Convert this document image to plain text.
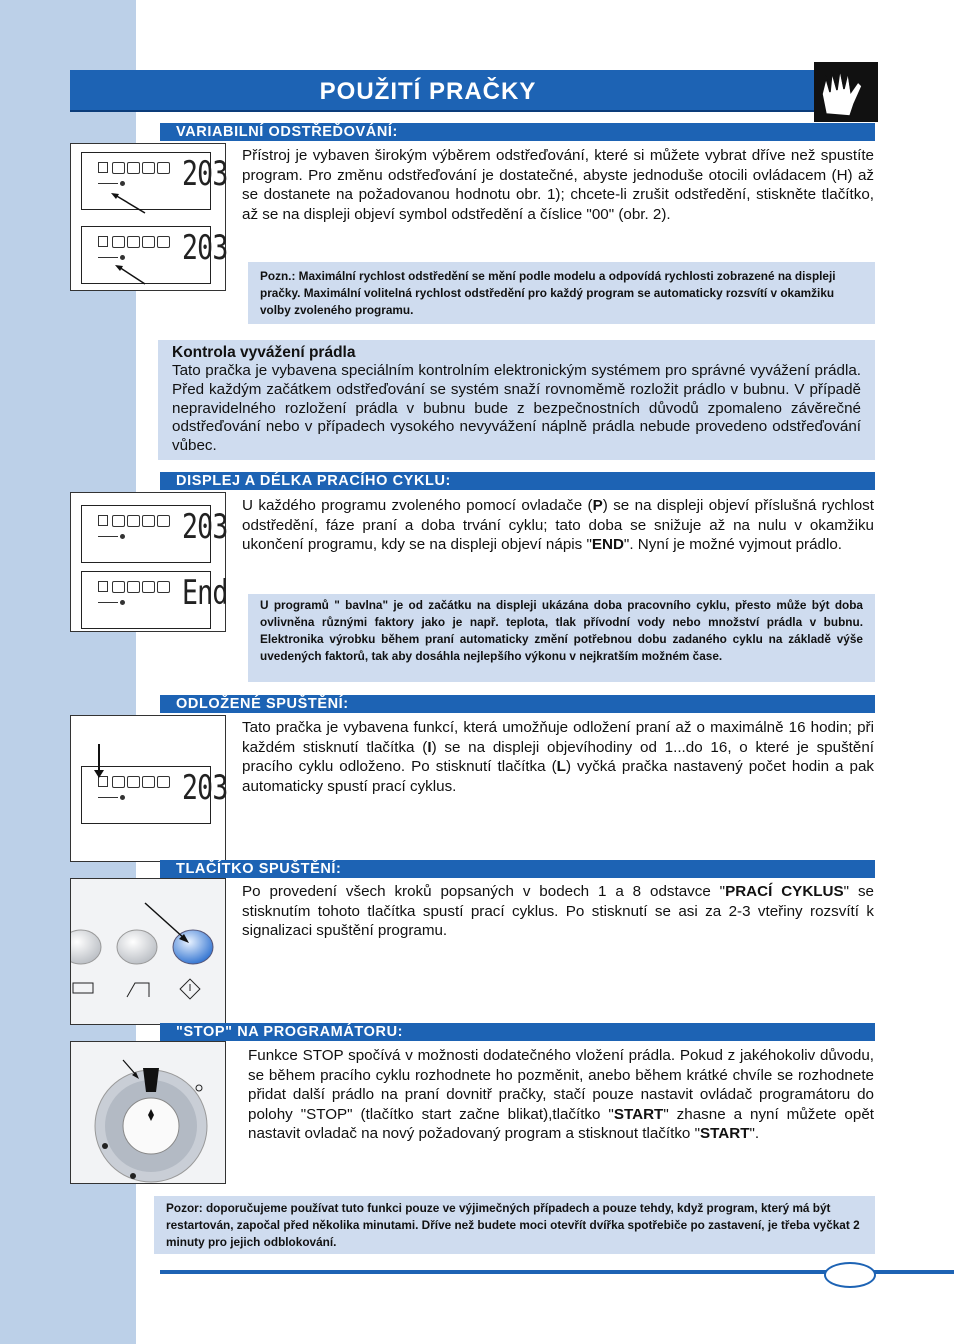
POUŽITÍ PRAČKY
VARIABILNÍ ODSTŘEĎOVÁNÍ:
203
203

Přístroj je vybaven širokým výběrem odstřeďování, které si můžete vybrat dříve než spustíte program. Pro změnu odstřeďování je dostatečné, abyste jednoduše otocili ovládacem (H) až se dostanete na požadovanou hodnotu obr. 1); chcete-li zrušit odstředění, stiskněte tlačítko, až se na displeji objeví symbol odstředění a číslice "00" (obr. 2).

Pozn.: Maximální rychlost odstředění se mění podle modelu a odpovídá rychlosti zobrazené na displeji pračky. Maximální volitelná rychlost odstředění pro každý program se automaticky rozsvítí v okamžiku volby zvoleného programu.

Kontrola vyvážení prádla
Tato pračka je vybavena speciálním kontrolním elektronickým systémem pro správné vyvážení prádla. Před každým začátkem odstřeďování se systém snaží rovnoměmě rozložit prádlo v bubnu. V případě nepravidelného rozložení prádla v bubnu bude z bezpečnostních důvodů zpomaleno závěrečné odstřeďování nebo v případech vysokého nevyvážení náplně prádla nebude provedeno odstřeďování vůbec.
DISPLEJ A DÉLKA PRACÍHO CYKLU:
203
End

U každého programu zvoleného pomocí ovladače (P) se na displeji objeví příslušná rychlost odstředění, fáze praní a doba trvání cyklu; tato doba se snižuje až na nulu v okamžiku ukončení programu, kdy se na displeji objeví nápis "END". Nyní je možné vyjmout prádlo.

U programů " bavlna" je od začátku na displeji ukázána doba pracovního cyklu, přesto může být doba ovlivněna různými faktory jako je např. teplota, tlak přívodní vody nebo množství prádla v bubnu. Elektronika výrobku během praní automaticky změní potřebnou dobu zadaného cyklu na základě výše uvedených faktorů, tak aby dosáhla nejlepšího výkonu v nejkratším možném čase.

ODLOŽENÉ SPUŠTĚNÍ:
203

Tato pračka je vybavena funkcí, která umožňuje odložení praní až o maximálně 16 hodin; při každém stisknutí tlačítka (I) se na displeji objevíhodiny od 1...do 16, o které je spuštění pracího cyklu odloženo. Po stisknutí tlačítka (L) vyčká pračka nastavený počet hodin a pak automaticky spustí prací cyklus.

TLAČÍTKO SPUŠTĚNÍ:

Po provedení všech kroků popsaných v bodech 1 a 8 odstavce "PRACÍ CYKLUS" se stisknutím tohoto tlačítka spustí prací cyklus. Po stisknutí se asi za 2-3 vteřiny rozsvítí k signalizaci spuštění programu.

"STOP" NA PROGRAMÁTORU:

Funkce STOP spočívá v možnosti dodatečného vložení prádla. Pokud z jakéhokoliv důvodu, se během pracího cyklu rozhodnete ho pozměnit, anebo během krátké chvíle se rozhodnete přidat další prádlo na praní dovnitř pračky, stačí pouze nastavit ovládač programátoru do polohy "STOP" (tlačítko start začne blikat),tlačítko "START" zhasne a nyní můžete opět nastavit ovladač na nový požadovaný program a stisknout tlačítko "START".

Pozor: doporučujeme používat tuto funkci pouze ve výjimečných případech a pouze tehdy, když program, který má být restartován, započal před několika minutami. Dříve než budete moci otevřít dvířka spotřebiče po zastavení, je třeba vyčkat 2 minuty pro jejich odblokování.
